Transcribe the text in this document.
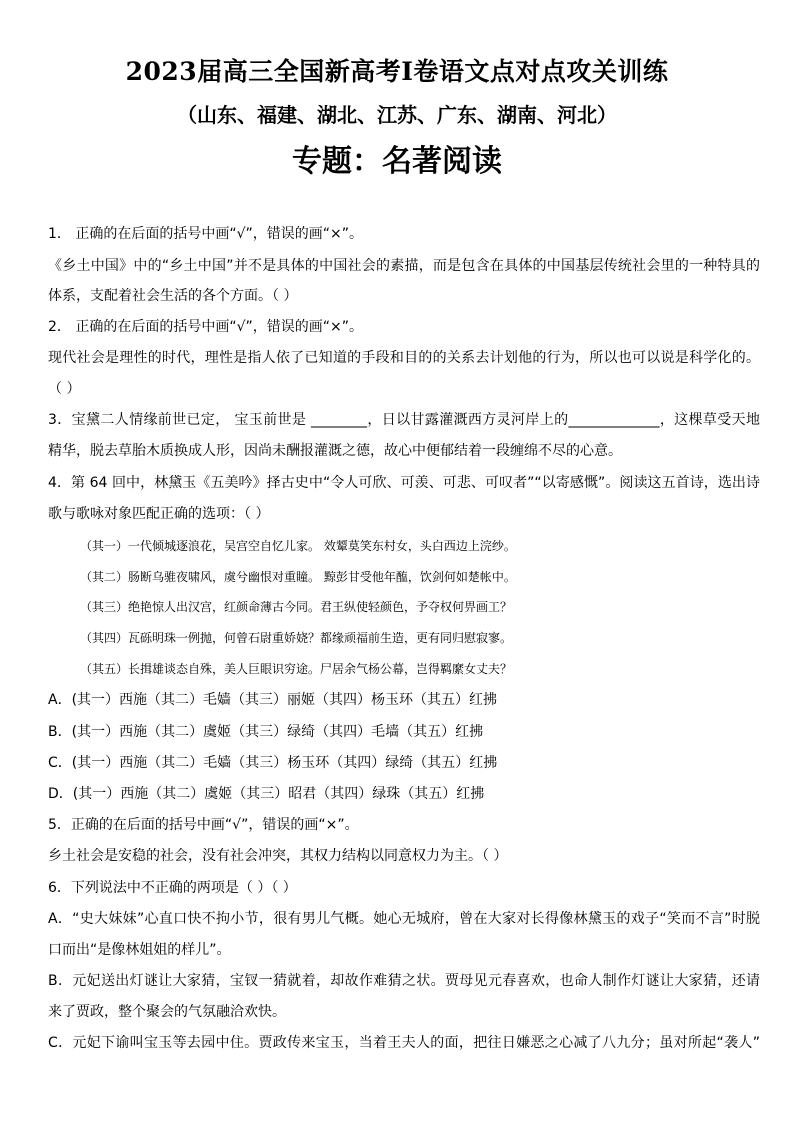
2023届高三全国新高考Ⅰ卷语文点对点攻关训练
（山东、福建、湖北、江苏、广东、湖南、河北）
专题：名著阅读
1． 正确的在后面的括号中画“√”，错误的画“×”。
《乡土中国》中的“乡土中国”并不是具体的中国社会的素描，而是包含在具体的中国基层传统社会里的一种特具的
体系，支配着社会生活的各个方面。（ ）
2． 正确的在后面的括号中画“√”，错误的画“×”。
现代社会是理性的时代，理性是指人依了已知道的手段和目的的关系去计划他的行为，所以也可以说是科学化的。
（ ）
3．宝黛二人情缘前世已定， 宝玉前世是 ________，日以甘露灌溉西方灵河岸上的_____________，这棵草受天地
精华，脱去草胎木质换成人形，因尚未酬报灌溉之德，故心中便郁结着一段缠绵不尽的心意。
4．第 64 回中，林黛玉《五美吟》择古史中“令人可欣、可羡、可悲、可叹者”“以寄感慨”。阅读这五首诗，选出诗
歌与歌咏对象匹配正确的选项：（ ）
（其一）一代倾城逐浪花，吴宫空自忆儿家。 效颦莫笑东村女，头白西边上浣纱。
（其二）肠断乌骓夜啸风，虞兮幽恨对重瞳。 黥彭甘受他年醢，饮剑何如楚帐中。
（其三）绝艳惊人出汉宫，红颜命薄古今同。君王纵使轻颜色，予夺权何畀画工？
（其四）瓦砾明珠一例抛，何曾石尉重娇娆？都缘顽福前生造，更有同归慰寂寥。
（其五）长揖雄谈态自殊，美人巨眼识穷途。尸居余气杨公幕，岂得羁縻女丈夫？
A．(其一）西施（其二）毛嫱（其三）丽姬（其四）杨玉环（其五）红拂
B．(其一）西施（其二）虞姬（其三）绿绮（其四）毛墙（其五）红拂
C．(其一）西施（其二）毛嫱（其三）杨玉环（其四）绿绮（其五）红拂
D．(其一）西施（其二）虞姬（其三）昭君（其四）绿珠（其五）红拂
5．正确的在后面的括号中画“√”，错误的画“×”。
乡土社会是安稳的社会，没有社会冲突，其权力结构以同意权力为主。（ ）
6．下列说法中不正确的两项是（ ）（ ）
A．“史大妹妹”心直口快不拘小节，很有男儿气概。她心无城府，曾在大家对长得像林黛玉的戏子“笑而不言”时脱
口而出“是像林姐姐的样儿”。
B．元妃送出灯谜让大家猜，宝钗一猜就着，却故作难猜之状。贾母见元春喜欢，也命人制作灯谜让大家猜，还请
来了贾政，整个聚会的气氛融洽欢快。
C．元妃下谕叫宝玉等去园中住。贾政传来宝玉，当着王夫人的面，把往日嫌恶之心减了八九分；虽对所起“袭人”
